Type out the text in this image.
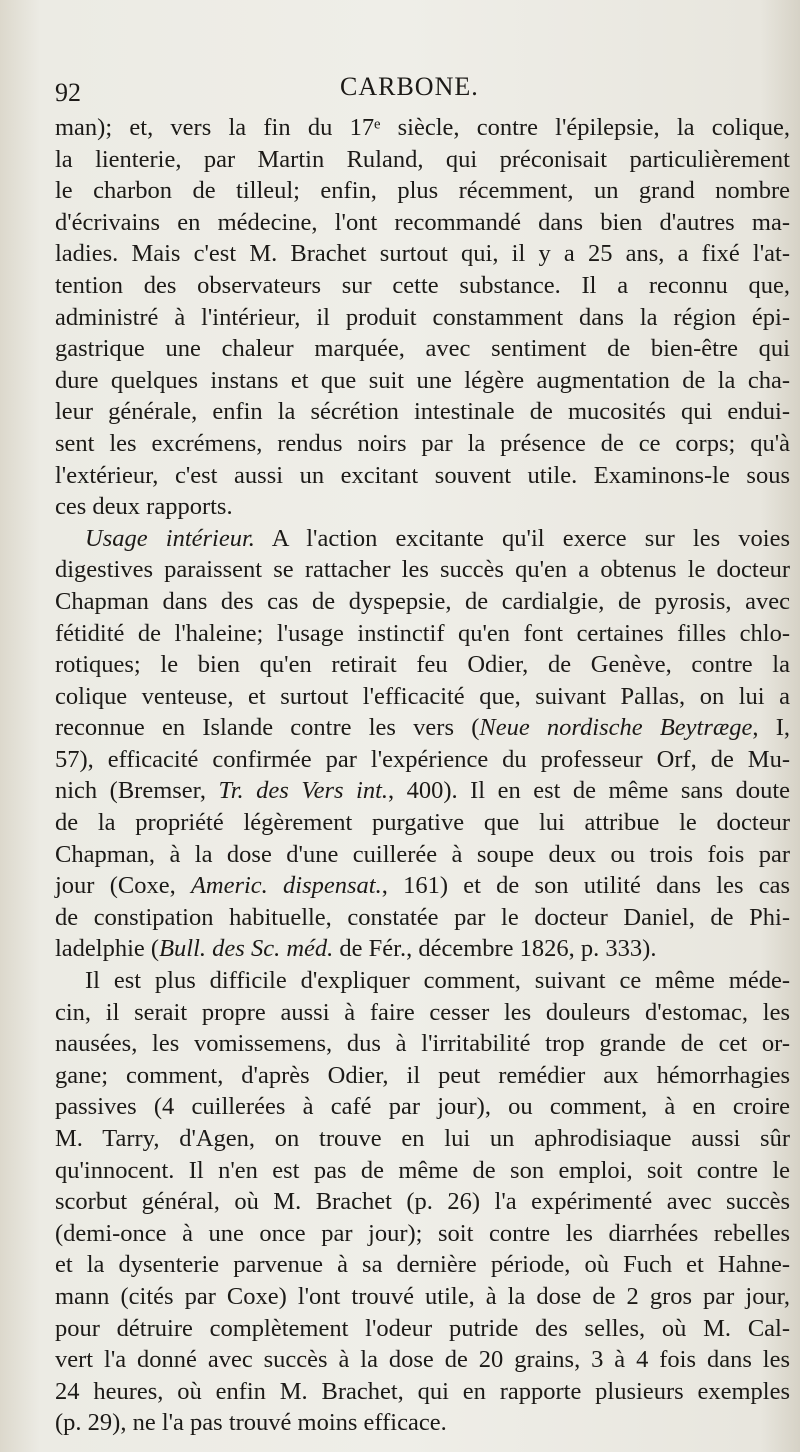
92	CARBONE.
man); et, vers la fin du 17ᵉ siècle, contre l'épilepsie, la colique,
la lienterie, par Martin Ruland, qui préconisait particulièrement
le charbon de tilleul; enfin, plus récemment, un grand nombre
d'écrivains en médecine, l'ont recommandé dans bien d'autres ma-
ladies. Mais c'est M. Brachet surtout qui, il y a 25 ans, a fixé l'at-
tention des observateurs sur cette substance. Il a reconnu que,
administré à l'intérieur, il produit constamment dans la région épi-
gastrique une chaleur marquée, avec sentiment de bien-être qui
dure quelques instans et que suit une légère augmentation de la cha-
leur générale, enfin la sécrétion intestinale de mucosités qui endui-
sent les excrémens, rendus noirs par la présence de ce corps; qu'à
l'extérieur, c'est aussi un excitant souvent utile. Examinons-le sous
ces deux rapports.
Usage intérieur. A l'action excitante qu'il exerce sur les voies
digestives paraissent se rattacher les succès qu'en a obtenus le docteur
Chapman dans des cas de dyspepsie, de cardialgie, de pyrosis, avec
fétidité de l'haleine; l'usage instinctif qu'en font certaines filles chlo-
rotiques; le bien qu'en retirait feu Odier, de Genève, contre la
colique venteuse, et surtout l'efficacité que, suivant Pallas, on lui a
reconnue en Islande contre les vers (Neue nordische Beytræge, I,
57), efficacité confirmée par l'expérience du professeur Orf, de Mu-
nich (Bremser, Tr. des Vers int., 400). Il en est de même sans doute
de la propriété légèrement purgative que lui attribue le docteur
Chapman, à la dose d'une cuillerée à soupe deux ou trois fois par
jour (Coxe, Americ. dispensat., 161) et de son utilité dans les cas
de constipation habituelle, constatée par le docteur Daniel, de Phi-
ladelphie (Bull. des Sc. méd. de Fér., décembre 1826, p. 333).
Il est plus difficile d'expliquer comment, suivant ce même méde-
cin, il serait propre aussi à faire cesser les douleurs d'estomac, les
nausées, les vomissemens, dus à l'irritabilité trop grande de cet or-
gane; comment, d'après Odier, il peut remédier aux hémorrhagies
passives (4 cuillerées à café par jour), ou comment, à en croire
M. Tarry, d'Agen, on trouve en lui un aphrodisiaque aussi sûr
qu'innocent. Il n'en est pas de même de son emploi, soit contre le
scorbut général, où M. Brachet (p. 26) l'a expérimenté avec succès
(demi-once à une once par jour); soit contre les diarrhées rebelles
et la dysenterie parvenue à sa dernière période, où Fuch et Hahne-
mann (cités par Coxe) l'ont trouvé utile, à la dose de 2 gros par jour,
pour détruire complètement l'odeur putride des selles, où M. Cal-
vert l'a donné avec succès à la dose de 20 grains, 3 à 4 fois dans les
24 heures, où enfin M. Brachet, qui en rapporte plusieurs exemples
(p. 29), ne l'a pas trouvé moins efficace.
